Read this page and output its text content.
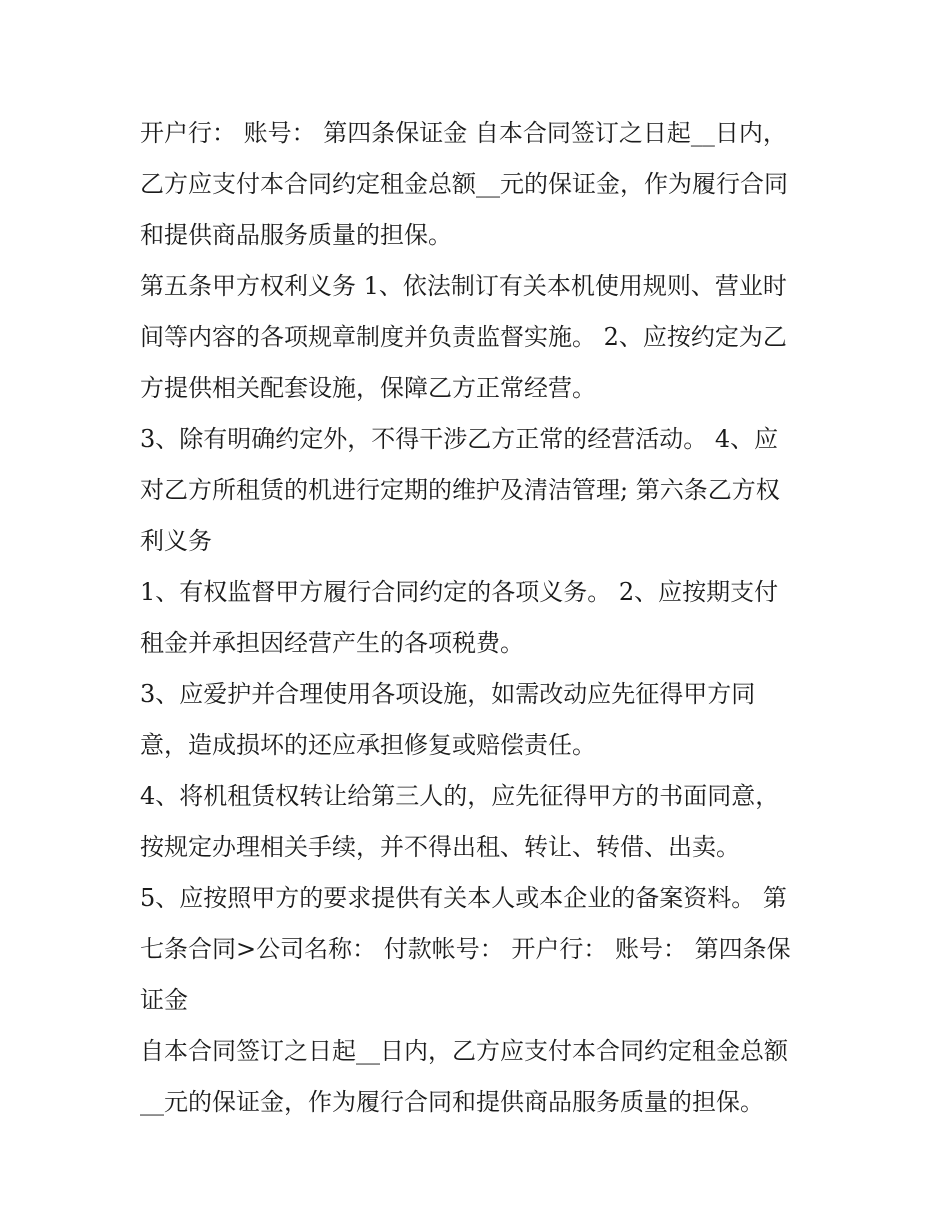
开户行： 账号： 第四条保证金 自本合同签订之日起__日内，
乙方应支付本合同约定租金总额__元的保证金，作为履行合同
和提供商品服务质量的担保。
第五条甲方权利义务 1、依法制订有关本机使用规则、营业时
间等内容的各项规章制度并负责监督实施。 2、应按约定为乙
方提供相关配套设施，保障乙方正常经营。
3、除有明确约定外，不得干涉乙方正常的经营活动。 4、应
对乙方所租赁的机进行定期的维护及清洁管理; 第六条乙方权
利义务
1、有权监督甲方履行合同约定的各项义务。 2、应按期支付
租金并承担因经营产生的各项税费。
3、应爱护并合理使用各项设施，如需改动应先征得甲方同
意，造成损坏的还应承担修复或赔偿责任。
4、将机租赁权转让给第三人的，应先征得甲方的书面同意，
按规定办理相关手续，并不得出租、转让、转借、出卖。
5、应按照甲方的要求提供有关本人或本企业的备案资料。 第
七条合同>公司名称： 付款帐号： 开户行： 账号： 第四条保
证金
自本合同签订之日起__日内，乙方应支付本合同约定租金总额
__元的保证金，作为履行合同和提供商品服务质量的担保。
